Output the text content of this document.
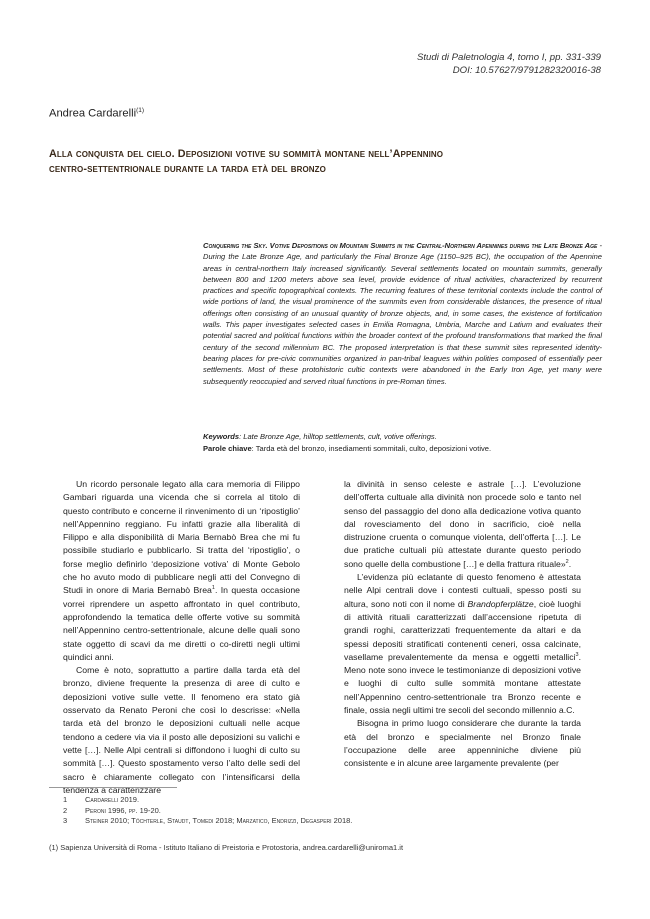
Studi di Paletnologia 4, tomo I, pp. 331-339
DOI: 10.57627/9791282320016-38
Andrea Cardarelli$^{(1)}$
Alla conquista del cielo. Deposizioni votive su sommità montane nell’Appennino centro-settentrionale durante la tarda età del bronzo
Conquering the Sky. Votive Depositions on Mountain Summits in the Central-Northern Apennines during the Late Bronze Age - During the Late Bronze Age, and particularly the Final Bronze Age (1150–925 BC), the occupation of the Apennine areas in central-northern Italy increased significantly. Several settlements located on mountain summits, generally between 800 and 1200 meters above sea level, provide evidence of ritual activities, characterized by recurrent practices and specific topographical contexts. The recurring features of these territorial contexts include the control of wide portions of land, the visual prominence of the summits even from considerable distances, the presence of ritual offerings often consisting of an unusual quantity of bronze objects, and, in some cases, the existence of fortification walls. This paper investigates selected cases in Emilia Romagna, Umbria, Marche and Latium and evaluates their potential sacred and political functions within the broader context of the profound transformations that marked the final century of the second millennium BC. The proposed interpretation is that these summit sites represented identity-bearing places for pre-civic communities organized in pan-tribal leagues within polities composed of essentially peer settlements. Most of these protohistoric cultic contexts were abandoned in the Early Iron Age, yet many were subsequently reoccupied and served ritual functions in pre-Roman times.
Keywords: Late Bronze Age, hilltop settlements, cult, votive offerings.
Parole chiave: Tarda età del bronzo, insediamenti sommitali, culto, deposizioni votive.

Un ricordo personale legato alla cara memoria di Filippo Gambari riguarda una vicenda che si correla al titolo di questo contributo e concerne il rinvenimento di un ‘ripostiglio’ nell’Appennino reggiano. Fu infatti grazie alla liberalità di Filippo e alla disponibilità di Maria Bernabò Brea che mi fu possibile studiarlo e pubblicarlo. Si tratta del ‘ripostiglio’, o forse meglio definirlo ‘deposizione votiva’ di Monte Gebolo che ho avuto modo di pubblicare negli atti del Convegno di Studi in onore di Maria Bernabò Brea$^1$. In questa occasione vorrei riprendere un aspetto affrontato in quel contributo, approfondendo la tematica delle offerte votive su sommità nell’Appennino centro-settentrionale, alcune delle quali sono state oggetto di scavi da me diretti o co-diretti negli ultimi quindici anni.

Come è noto, soprattutto a partire dalla tarda età del bronzo, diviene frequente la presenza di aree di culto e deposizioni votive sulle vette. Il fenomeno era stato già osservato da Renato Peroni che così lo descrisse: «Nella tarda età del bronzo le deposizioni cultuali nelle acque tendono a cedere via via il posto alle deposizioni su valichi e vette […]. Nelle Alpi centrali si diffondono i luoghi di culto su sommità […]. Questo spostamento verso l’alto delle sedi del sacro è chiaramente collegato con l’intensificarsi della tendenza a caratterizzare

la divinità in senso celeste e astrale […]. L’evoluzione dell’offerta cultuale alla divinità non procede solo e tanto nel senso del passaggio del dono alla dedicazione votiva quanto dal rovesciamento del dono in sacrificio, cioè nella distruzione cruenta o comunque violenta, dell’offerta […]. Le due pratiche cultuali più attestate durante questo periodo sono quelle della combustione […] e della frattura rituale»$^2$.

L’evidenza più eclatante di questo fenomeno è attestata nelle Alpi centrali dove i contesti cultuali, spesso posti su altura, sono noti con il nome di Brandopferplätze, cioè luoghi di attività rituali caratterizzati dall’accensione ripetuta di grandi roghi, caratterizzati frequentemente da altari e da spessi depositi stratificati contenenti ceneri, ossa calcinate, vasellame prevalentemente da mensa e oggetti metallici$^3$. Meno note sono invece le testimonianze di deposizioni votive e luoghi di culto sulle sommità montane attestate nell’Appennino centro-settentrionale tra Bronzo recente e finale, ossia negli ultimi tre secoli del secondo millennio a.C.

Bisogna in primo luogo considerare che durante la tarda età del bronzo e specialmente nel Bronzo finale l’occupazione delle aree appenniniche diviene più consistente e in alcune aree largamente prevalente (per

1	Cardarelli 2019.
2	Peroni 1996, pp. 19-20.
3	Steiner 2010; Töchterle, Staudt, Tomedi 2018; Marzatico, Endrizzi, Degasperi 2018.
(1) Sapienza Università di Roma - Istituto Italiano di Preistoria e Protostoria, andrea.cardarelli@uniroma1.it
